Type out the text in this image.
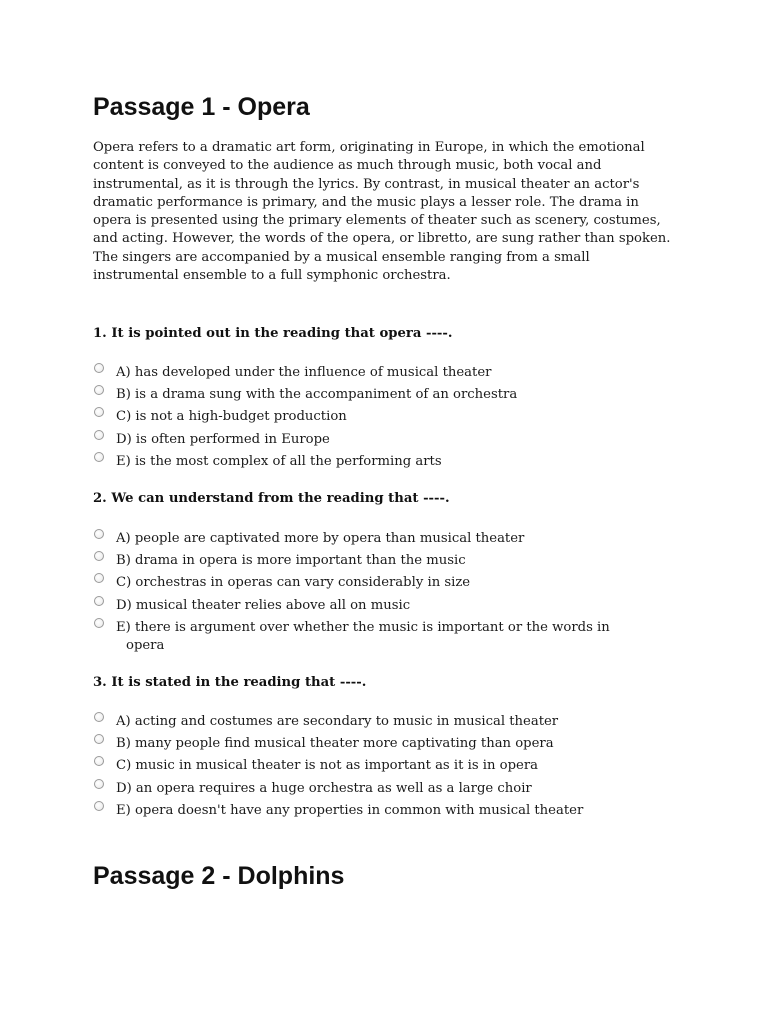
Passage 1 - Opera

Opera refers to a dramatic art form, originating in Europe, in which the emotional content is conveyed to the audience as much through music, both vocal and instrumental, as it is through the lyrics. By contrast, in musical theater an actor's dramatic performance is primary, and the music plays a lesser role. The drama in opera is presented using the primary elements of theater such as scenery, costumes, and acting. However, the words of the opera, or libretto, are sung rather than spoken. The singers are accompanied by a musical ensemble ranging from a small instrumental ensemble to a full symphonic orchestra.

1. It is pointed out in the reading that opera ----.

A) has developed under the influence of musical theater
B) is a drama sung with the accompaniment of an orchestra
C) is not a high-budget production
D) is often performed in Europe
E) is the most complex of all the performing arts

2. We can understand from the reading that ----.

A) people are captivated more by opera than musical theater
B) drama in opera is more important than the music
C) orchestras in operas can vary considerably in size
D) musical theater relies above all on music
E) there is argument over whether the music is important or the words in
opera

3. It is stated in the reading that ----.

A) acting and costumes are secondary to music in musical theater
B) many people find musical theater more captivating than opera
C) music in musical theater is not as important as it is in opera
D) an opera requires a huge orchestra as well as a large choir
E) opera doesn't have any properties in common with musical theater
Passage 2 - Dolphins
